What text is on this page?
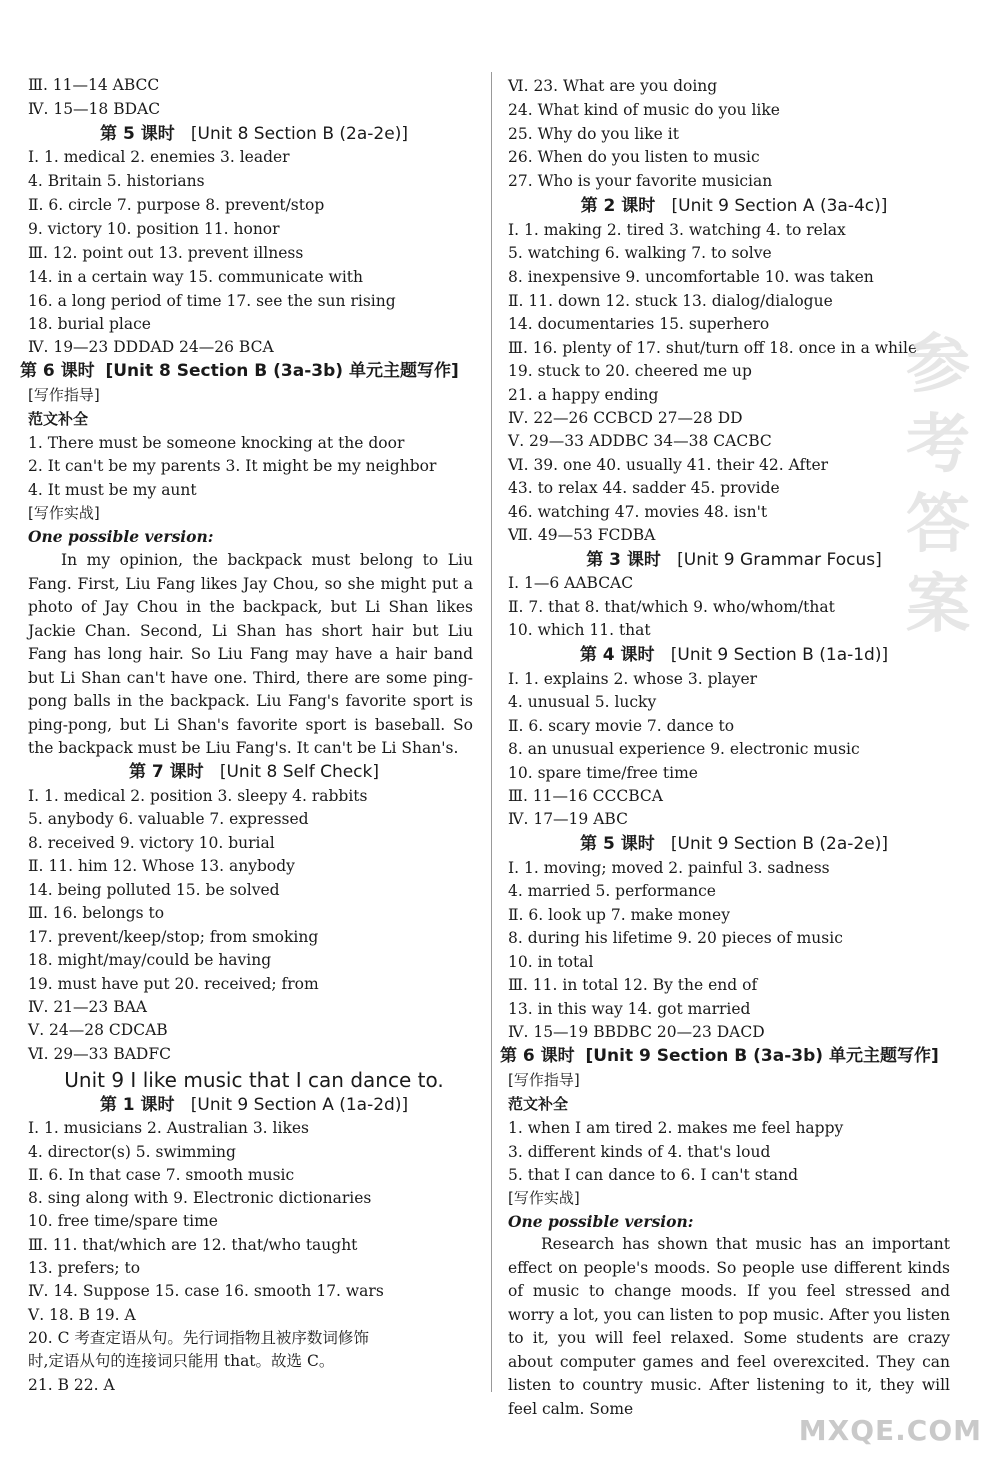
Ⅲ. 11—14 ABCC
Ⅳ. 15—18 BDAC
第 5 课时 [Unit 8 Section B (2a-2e)]
Ⅰ. 1. medical 2. enemies 3. leader
4. Britain 5. historians
Ⅱ. 6. circle 7. purpose 8. prevent/stop
9. victory 10. position 11. honor
Ⅲ. 12. point out 13. prevent illness
14. in a certain way 15. communicate with
16. a long period of time 17. see the sun rising
18. burial place
Ⅳ. 19—23 DDDAD 24—26 BCA
第 6 课时 [Unit 8 Section B (3a-3b) 单元主题写作]
[写作指导]
范文补全
1. There must be someone knocking at the door
2. It can't be my parents 3. It might be my neighbor
4. It must be my aunt
[写作实战]
One possible version:
In my opinion, the backpack must belong to Liu Fang. First, Liu Fang likes Jay Chou, so she might put a photo of Jay Chou in the backpack, but Li Shan likes Jackie Chan. Second, Li Shan has short hair but Liu Fang has long hair. So Liu Fang may have a hair band but Li Shan can't have one. Third, there are some ping-pong balls in the backpack. Liu Fang's favorite sport is ping-pong, but Li Shan's favorite sport is baseball. So the backpack must be Liu Fang's. It can't be Li Shan's.
第 7 课时 [Unit 8 Self Check]
Ⅰ. 1. medical 2. position 3. sleepy 4. rabbits
5. anybody 6. valuable 7. expressed
8. received 9. victory 10. burial
Ⅱ. 11. him 12. Whose 13. anybody
14. being polluted 15. be solved
Ⅲ. 16. belongs to
17. prevent/keep/stop; from smoking
18. might/may/could be having
19. must have put 20. received; from
Ⅳ. 21—23 BAA
Ⅴ. 24—28 CDCAB
Ⅵ. 29—33 BADFC
Unit 9 I like music that I can dance to.
第 1 课时 [Unit 9 Section A (1a-2d)]
Ⅰ. 1. musicians 2. Australian 3. likes
4. director(s) 5. swimming
Ⅱ. 6. In that case 7. smooth music
8. sing along with 9. Electronic dictionaries
10. free time/spare time
Ⅲ. 11. that/which are 12. that/who taught
13. prefers; to
Ⅳ. 14. Suppose 15. case 16. smooth 17. wars
Ⅴ. 18. B 19. A
20. C 考查定语从句。先行词指物且被序数词修饰
时,定语从句的连接词只能用 that。故选 C。
21. B 22. A
Ⅵ. 23. What are you doing
24. What kind of music do you like
25. Why do you like it
26. When do you listen to music
27. Who is your favorite musician
第 2 课时 [Unit 9 Section A (3a-4c)]
Ⅰ. 1. making 2. tired 3. watching 4. to relax
5. watching 6. walking 7. to solve
8. inexpensive 9. uncomfortable 10. was taken
Ⅱ. 11. down 12. stuck 13. dialog/dialogue
14. documentaries 15. superhero
Ⅲ. 16. plenty of 17. shut/turn off 18. once in a while
19. stuck to 20. cheered me up
21. a happy ending
Ⅳ. 22—26 CCBCD 27—28 DD
Ⅴ. 29—33 ADDBC 34—38 CACBC
Ⅵ. 39. one 40. usually 41. their 42. After
43. to relax 44. sadder 45. provide
46. watching 47. movies 48. isn't
Ⅶ. 49—53 FCDBA
第 3 课时 [Unit 9 Grammar Focus]
Ⅰ. 1—6 AABCAC
Ⅱ. 7. that 8. that/which 9. who/whom/that
10. which 11. that
第 4 课时 [Unit 9 Section B (1a-1d)]
Ⅰ. 1. explains 2. whose 3. player
4. unusual 5. lucky
Ⅱ. 6. scary movie 7. dance to
8. an unusual experience 9. electronic music
10. spare time/free time
Ⅲ. 11—16 CCCBCA
Ⅳ. 17—19 ABC
第 5 课时 [Unit 9 Section B (2a-2e)]
Ⅰ. 1. moving; moved 2. painful 3. sadness
4. married 5. performance
Ⅱ. 6. look up 7. make money
8. during his lifetime 9. 20 pieces of music
10. in total
Ⅲ. 11. in total 12. By the end of
13. in this way 14. got married
Ⅳ. 15—19 BBDBC 20—23 DACD
第 6 课时 [Unit 9 Section B (3a-3b) 单元主题写作]
[写作指导]
范文补全
1. when I am tired 2. makes me feel happy
3. different kinds of 4. that's loud
5. that I can dance to 6. I can't stand
[写作实战]
One possible version:
Research has shown that music has an important effect on people's moods. So people use different kinds of music to change moods. If you feel stressed and worry a lot, you can listen to pop music. After you listen to it, you will feel relaxed. Some students are crazy about computer games and feel overexcited. They can listen to country music. After listening to it, they will feel calm. Some
参
考
答
案
MXQE.COM
